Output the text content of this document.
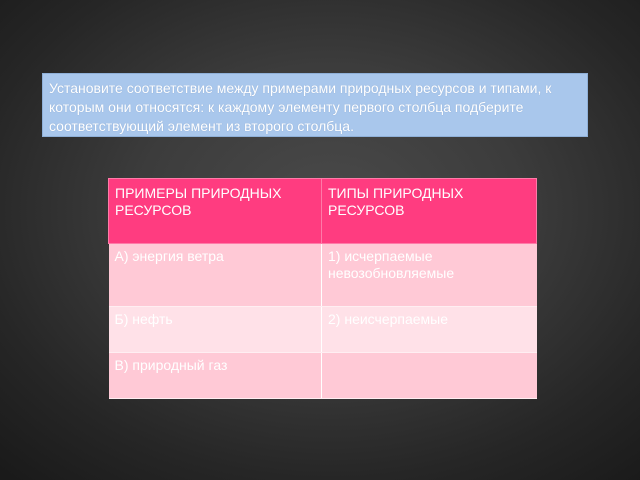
Установите соответствие между примерами природных ресурсов и типами, к которым они относятся: к каждому элементу первого столбца подберите соответствующий элемент из второго столбца.
ПРИМЕРЫ ПРИРОДНЫХ РЕСУРСОВ	ТИПЫ ПРИРОДНЫХ РЕСУРСОВ
А) энергия ветра	1) исчерпаемые невозобновляемые
Б) нефть	2) неисчерпаемые
В) природный газ	
